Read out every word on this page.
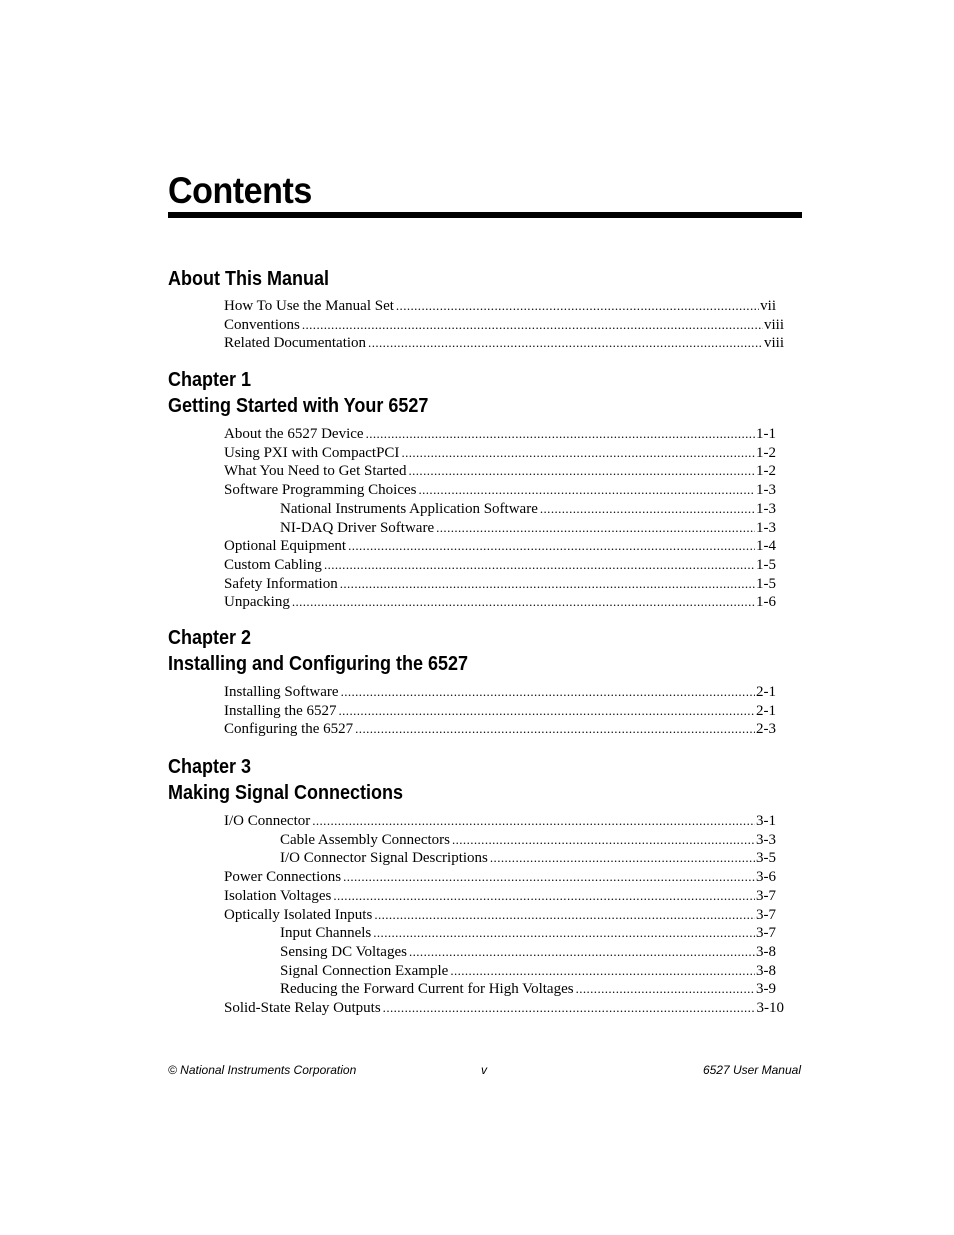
Contents
About This Manual
How To Use the Manual Set .....	vii
Conventions .....	viii
Related Documentation .....	viii
Chapter 1
Getting Started with Your 6527
About the 6527 Device .....	1-1
Using PXI with CompactPCI .....	1-2
What You Need to Get Started .....	1-2
Software Programming Choices .....	1-3
National Instruments Application Software .....	1-3
NI-DAQ Driver Software .....	1-3
Optional Equipment .....	1-4
Custom Cabling .....	1-5
Safety Information .....	1-5
Unpacking .....	1-6
Chapter 2
Installing and Configuring the 6527
Installing Software .....	2-1
Installing the 6527 .....	2-1
Configuring the 6527 .....	2-3
Chapter 3
Making Signal Connections
I/O Connector .....	3-1
Cable Assembly Connectors .....	3-3
I/O Connector Signal Descriptions .....	3-5
Power Connections .....	3-6
Isolation Voltages .....	3-7
Optically Isolated Inputs .....	3-7
Input Channels .....	3-7
Sensing DC Voltages .....	3-8
Signal Connection Example .....	3-8
Reducing the Forward Current for High Voltages .....	3-9
Solid-State Relay Outputs .....	3-10
© National Instruments Corporation	v	6527 User Manual
